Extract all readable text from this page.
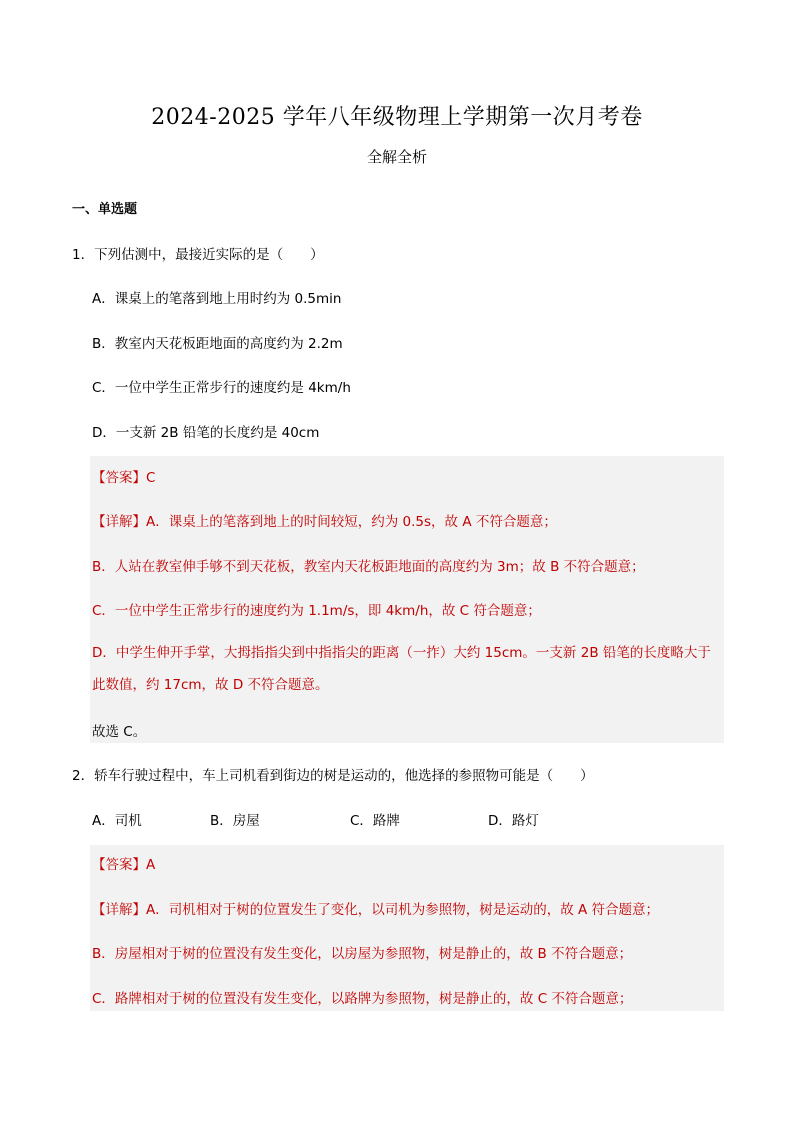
2024-2025 学年八年级物理上学期第一次月考卷
全解全析
一、单选题
1．下列估测中，最接近实际的是（　　）
A．课桌上的笔落到地上用时约为 0.5min
B．教室内天花板距地面的高度约为 2.2m
C．一位中学生正常步行的速度约是 4km/h
D．一支新 2B 铅笔的长度约是 40cm
【答案】C
【详解】A．课桌上的笔落到地上的时间较短，约为 0.5s，故 A 不符合题意；
B．人站在教室伸手够不到天花板，教室内天花板距地面的高度约为 3m；故 B 不符合题意；
C．一位中学生正常步行的速度约为 1.1m/s，即 4km/h，故 C 符合题意；
D．中学生伸开手掌，大拇指指尖到中指指尖的距离（一拃）大约 15cm。一支新 2B 铅笔的长度略大于此数值，约 17cm，故 D 不符合题意。
故选 C。
2．轿车行驶过程中，车上司机看到街边的树是运动的，他选择的参照物可能是（　　）
A．司机	B．房屋	C．路牌	D．路灯
【答案】A
【详解】A．司机相对于树的位置发生了变化，以司机为参照物，树是运动的，故 A 符合题意；
B．房屋相对于树的位置没有发生变化，以房屋为参照物，树是静止的，故 B 不符合题意；
C．路牌相对于树的位置没有发生变化，以路牌为参照物，树是静止的，故 C 不符合题意；
